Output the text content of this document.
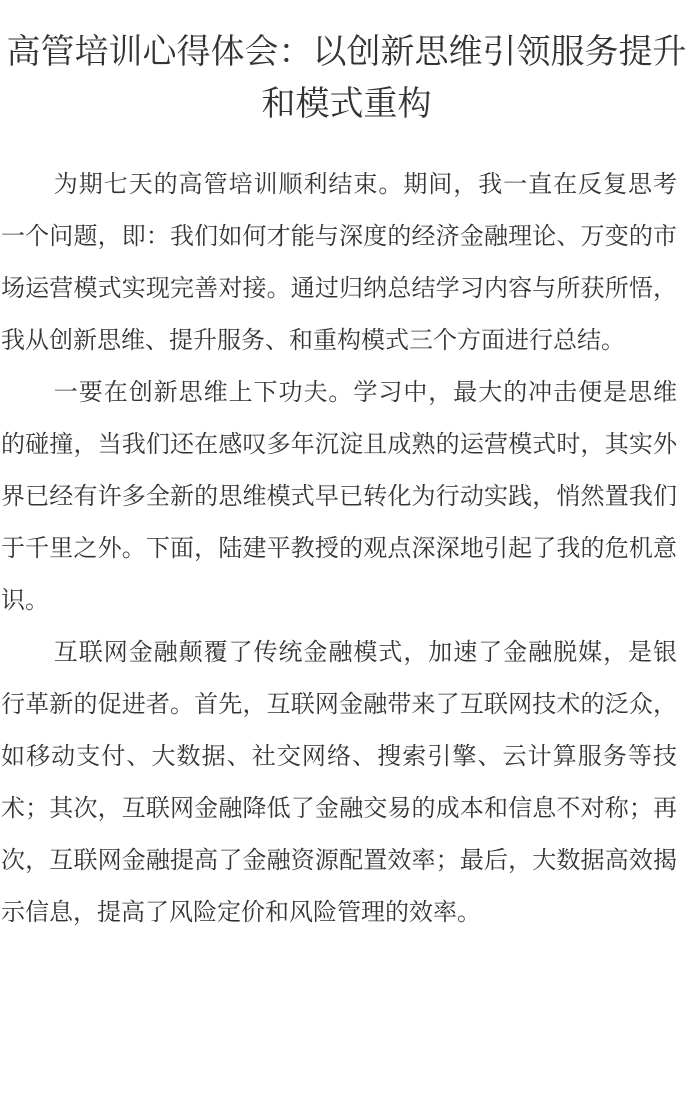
高管培训心得体会：以创新思维引领服务提升和模式重构

为期七天的高管培训顺利结束。期间，我一直在反复思考一个问题，即：我们如何才能与深度的经济金融理论、万变的市场运营模式实现完善对接。通过归纳总结学习内容与所获所悟，我从创新思维、提升服务、和重构模式三个方面进行总结。

一要在创新思维上下功夫。学习中，最大的冲击便是思维的碰撞，当我们还在感叹多年沉淀且成熟的运营模式时，其实外界已经有许多全新的思维模式早已转化为行动实践，悄然置我们于千里之外。下面，陆建平教授的观点深深地引起了我的危机意识。

互联网金融颠覆了传统金融模式，加速了金融脱媒，是银行革新的促进者。首先，互联网金融带来了互联网技术的泛众，如移动支付、大数据、社交网络、搜索引擎、云计算服务等技术；其次，互联网金融降低了金融交易的成本和信息不对称；再次，互联网金融提高了金融资源配置效率；最后，大数据高效揭示信息，提高了风险定价和风险管理的效率。
